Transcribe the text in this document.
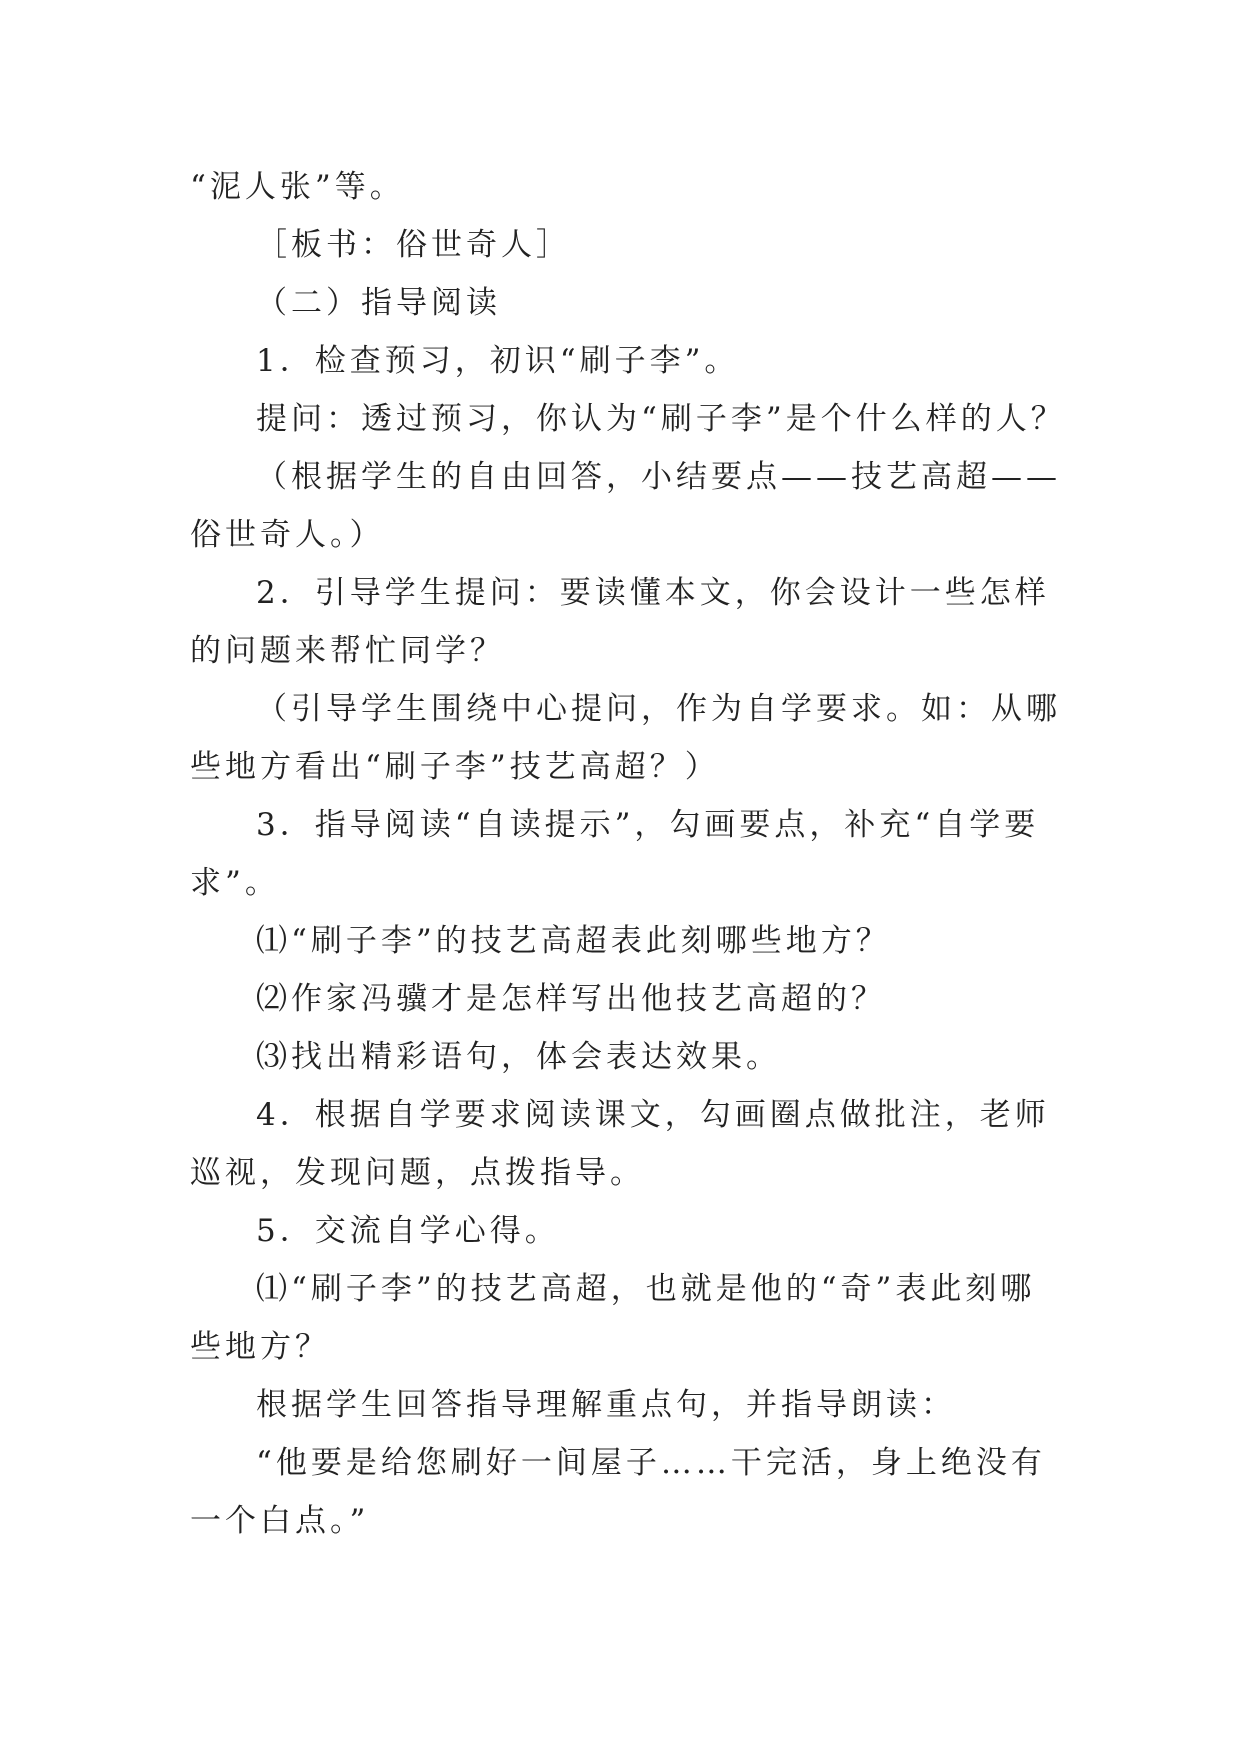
“泥人张”等。

［板书：俗世奇人］

（二）指导阅读

1．检查预习，初识“刷子李”。

提问：透过预习，你认为“刷子李”是个什么样的人？

（根据学生的自由回答，小结要点——技艺高超——俗世奇人。）

2．引导学生提问：要读懂本文，你会设计一些怎样的问题来帮忙同学？

（引导学生围绕中心提问，作为自学要求。如：从哪些地方看出“刷子李”技艺高超？）

3．指导阅读“自读提示”，勾画要点，补充“自学要求”。

⑴“刷子李”的技艺高超表此刻哪些地方？

⑵作家冯骥才是怎样写出他技艺高超的？

⑶找出精彩语句，体会表达效果。

4．根据自学要求阅读课文，勾画圈点做批注，老师巡视，发现问题，点拨指导。

5．交流自学心得。

⑴“刷子李”的技艺高超，也就是他的“奇”表此刻哪些地方？

根据学生回答指导理解重点句，并指导朗读：

“他要是给您刷好一间屋子……干完活，身上绝没有一个白点。”
